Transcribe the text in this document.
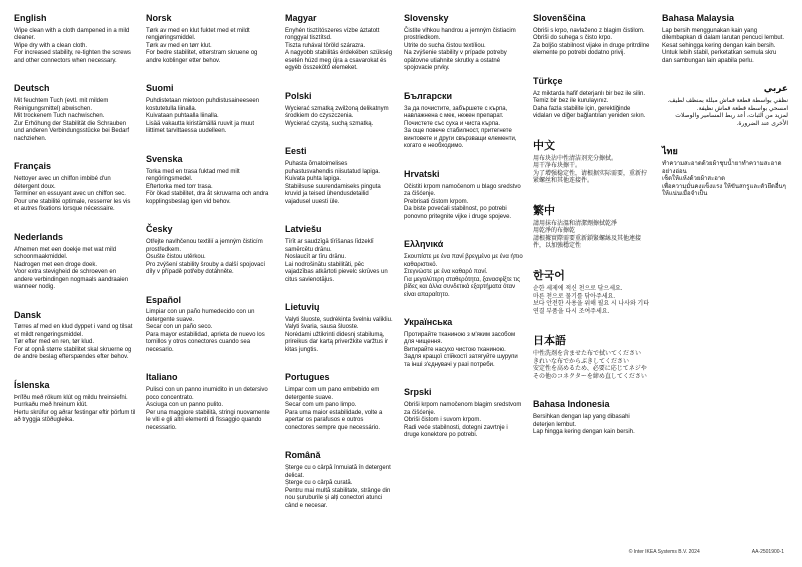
English

Wipe clean with a cloth dampened in a mild cleaner.

Wipe dry with a clean cloth.

For increased stability, re-tighten the screws and other connectors when necessary.

Deutsch

Mit feuchtem Tuch (evtl. mit mildem Reinigungsmittel) abwischen.

Mit trockenem Tuch nachwischen.

Zur Erhöhung der Stabilität die Schrauben und anderen Verbindungsstücke bei Bedarf nachziehen.

Français

Nettoyer avec un chiffon imbibé d'un détergent doux.

Terminer en essuyant avec un chiffon sec.

Pour une stabilité optimale, resserrer les vis et autres fixations lorsque nécessaire.

Nederlands

Afnemen met een doekje met wat mild schoonmaakmiddel.

Nadrogen met een droge doek.

Voor extra stevigheid de schroeven en andere verbindingen nogmaals aandraaien wanneer nodig.

Dansk

Tørres af med en klud dyppet i vand og tilsat et mildt rengøringsmiddel.

Tør efter med en ren, tør klud.

For at opnå større stabilitet skal skruerne og de andre beslag efterspændes efter behov.

Íslenska

Þrífðu með rökum klút og mildu hreinsiefni.

Þurrkaðu með hreinum klút.

Hertu skrúfur og aðrar festingar eftir þörfum til að tryggja stöðugleika.

Norsk

Tørk av med en klut fuktet med et mildt rengjøringsmiddel.

Tørk av med en tørr klut.

For bedre stabilitet, etterstram skruene og andre koblinger etter behov.

Suomi

Puhdistetaan mietoon puhdistusaineeseen kostutetulla liinalla.

Kuivataan puhtaalla liinalla.

Lisää vakautta kiristämällä ruuvit ja muut liittimet tarvittaessa uudelleen.

Svenska

Torka med en trasa fuktad med milt rengöringsmedel.

Eftertorka med torr trasa.

För ökad stabilitet, dra åt skruvarna och andra kopplingsbeslag igen vid behov.

Česky

Otřejte navlhčenou textilií a jemným čisticím prostředkem.

Osušte čistou utěrkou.

Pro zvýšení stability šrouby a další spojovací díly v případě potřeby dotáhněte.

Español

Limpiar con un paño humedecido con un detergente suave.

Secar con un paño seco.

Para mayor estabilidad, aprieta de nuevo los tornillos y otros conectores cuando sea necesario.

Italiano

Pulisci con un panno inumidito in un detersivo poco concentrato.

Asciuga con un panno pulito.

Per una maggiore stabilità, stringi nuovamente le viti e gli altri elementi di fissaggio quando necessario.

Magyar

Enyhén tisztítószeres vízbe áztatott ronggyal tisztítsd.

Tiszta ruhával töröld szárazra.

A nagyobb stabilitás érdekében szükség esetén húzd meg újra a csavarokat és egyéb összekötő elemeket.

Polski

Wycierać szmatką zwilżoną delikatnym środkiem do czyszczenia.

Wycierać czystą, suchą szmatką.

Eesti

Puhasta õrnatoimelises puhastusvahendis niisutatud lapiga.

Kuivata puhta lapiga.

Stabiilsuse suurendamiseks pinguta kruvid ja teised ühendusdetailid vajadusel uuesti üle.

Latviešu

Tīrīt ar saudzīgā tīrīšanas līdzeklī samērcētu drānu.

Noslaucīt ar tīru drānu.

Lai nodrošinātu stabilitāti, pēc vajadzības atkārtoti pievelc skrūves un citus savienotājus.

Lietuvių

Valyti šluoste, sudrėkinta švelniu valikliu.

Valyti švaria, sausa šluoste.

Norėdami užtikrinti didesnį stabilumą, prireikus dar kartą priveržkite varžtus ir kitas jungtis.

Portugues

Limpar com um pano embebido em detergente suave.

Secar com um pano limpo.

Para uma maior estabilidade, volte a apertar os parafusos e outros conectores sempre que necessário.

Română

Șterge cu o cârpă înmuiată în detergent delicat.

Șterge cu o cârpă curată.

Pentru mai multă stabilitate, strânge din nou șuruburile și alți conectori atunci când e necesar.

Slovensky

Čistite vlhkou handrou a jemným čistiacim prostriedkom.

Utrite do sucha čistou textíliou.

Na zvýšenie stability v prípade potreby opätovne utiahnite skrutky a ostatné spojovacie prvky.

Български

За да почистите, забършете с кърпа, навлажнена с мек, нежен препарат.

Почистете със суха и чиста кърпа.

За още повече стабилност, притегнете винтовете и други свързващи елементи, когато е необходимо.

Hrvatski

Očistiti krpom namočenom u blago sredstvo za čišćenje.

Prebrisati čistom krpom.

Da biste povećali stabilnost, po potrebi ponovno pritegnite vijke i druge spojeve.

Ελληνικά

Σκουπίστε με ένα πανί βρεγμένο με ένα ήπιο καθαριστικό.

Στεγνώστε με ένα καθαρό πανί.

Για μεγαλύτερη σταθερότητα, ξανασφίξτε τις βίδες και άλλα συνδετικά εξαρτήματα όταν είναι απαραίτητο.

Українська

Протирайте тканиною з м'яким засобом для чищення.

Витирайте насухо чистою тканиною.

Задля кращої стійкості затягуйте шурупи та інші з'єднувачі у разі потреби.

Srpski

Obriši krpom namočenom blagim sredstvom za čišćenje.

Obriši čistom i suvom krpom.

Radi veće stabilnosti, dotegni zavrtnje i druge konektore po potrebi.

Slovenščina

Obriši s krpo, navlaženo z blagim čistilom.

Obriši do suhega s čisto krpo.

Za boljšo stabilnost vijake in druge pritrdilne elemente po potrebi dodatno privij.

Türkçe

Az miktarda hafif deterjanlı bir bez ile silin.

Temiz bir bez ile kurulayınız.

Daha fazla stabilite için, gerektiğinde vidaları ve diğer bağlantıları yeniden sıkın.

中文

用布块沾中性清洁剂充分擦拭。

用干净布块擦干。

为了增强稳定性，请根据实际需要，重新拧紧螺丝和其他连接件。

繁中

請用抹布沾溫和清潔劑擦拭乾淨

用乾淨的布擦乾

請根據實際需要重新鎖緊螺絲及其他連接件，以加強穩定性

한국어

순한 세제에 적신 천으로 닦으세요.

마른 천으로 물기를 닦아주세요.

보다 안전한 사용을 위해 필요 시 나사와 기타 연결 부품을 다시 조여주세요.

日本語

中性洗剤を含ませた布で拭いてください

きれいな布でからぶきしてください

安定性を高めるため、必要に応じてネジやその他のコネクターを締め直してください

Bahasa Indonesia

Bersihkan dengan lap yang dibasahi deterjen lembut.

Lap hingga kering dengan kain bersih.

Bahasa Malaysia

Lap bersih menggunakan kain yang dilembapkan di dalam larutan pencuci lembut.

Kesat sehingga kering dengan kain bersih.

Untuk lebih stabil, perketatkan semula skru dan sambungan lain apabila perlu.

عربي

نظفي بواسطة قطعة قماش مبللة بمنظف لطيف.

امسحي بواسطة قطعة قماش نظيفة.

لمزيد من الثبات، أعد ربط المسامير والوصلات الأخرى عند الضرورة.

ไทย

ทำความสะอาดด้วยผ้าชุบน้ำยาทำความสะอาดอย่างอ่อน

เช็ดให้แห้งด้วยผ้าสะอาด

เพื่อความมั่นคงแข็งแรง ให้ขันสกรูและตัวยึดอื่นๆ ให้แน่นเมื่อจำเป็น

© Inter IKEA Systems B.V. 2024	AA-2501900-1
